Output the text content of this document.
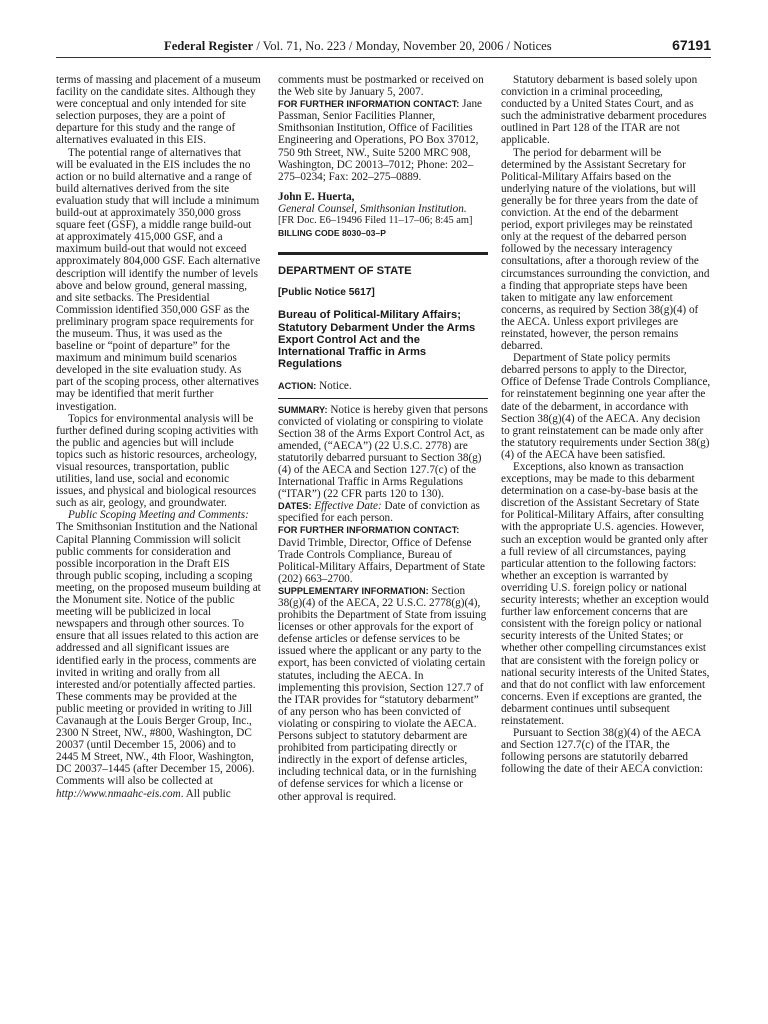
Federal Register / Vol. 71, No. 223 / Monday, November 20, 2006 / Notices	67191

terms of massing and placement of a museum facility on the candidate sites. Although they were conceptual and only intended for site selection purposes, they are a point of departure for this study and the range of alternatives evaluated in this EIS.

The potential range of alternatives that will be evaluated in the EIS includes the no action or no build alternative and a range of build alternatives derived from the site evaluation study that will include a minimum build-out at approximately 350,000 gross square feet (GSF), a middle range build-out at approximately 415,000 GSF, and a maximum build-out that would not exceed approximately 804,000 GSF. Each alternative description will identify the number of levels above and below ground, general massing, and site setbacks. The Presidential Commission identified 350,000 GSF as the preliminary program space requirements for the museum. Thus, it was used as the baseline or “point of departure” for the maximum and minimum build scenarios developed in the site evaluation study. As part of the scoping process, other alternatives may be identified that merit further investigation.

Topics for environmental analysis will be further defined during scoping activities with the public and agencies but will include topics such as historic resources, archeology, visual resources, transportation, public utilities, land use, social and economic issues, and physical and biological resources such as air, geology, and groundwater.

Public Scoping Meeting and Comments: The Smithsonian Institution and the National Capital Planning Commission will solicit public comments for consideration and possible incorporation in the Draft EIS through public scoping, including a scoping meeting, on the proposed museum building at the Monument site. Notice of the public meeting will be publicized in local newspapers and through other sources. To ensure that all issues related to this action are addressed and all significant issues are identified early in the process, comments are invited in writing and orally from all interested and/or potentially affected parties. These comments may be provided at the public meeting or provided in writing to Jill Cavanaugh at the Louis Berger Group, Inc., 2300 N Street, NW., #800, Washington, DC 20037 (until December 15, 2006) and to 2445 M Street, NW., 4th Floor, Washington, DC 20037–1445 (after December 15, 2006). Comments will also be collected at http://www.nmaahc-eis.com. All public

comments must be postmarked or received on the Web site by January 5, 2007.

FOR FURTHER INFORMATION CONTACT: Jane Passman, Senior Facilities Planner, Smithsonian Institution, Office of Facilities Engineering and Operations, PO Box 37012, 750 9th Street, NW., Suite 5200 MRC 908, Washington, DC 20013–7012; Phone: 202–275–0234; Fax: 202–275–0889.

John E. Huerta,

General Counsel, Smithsonian Institution.

[FR Doc. E6–19496 Filed 11–17–06; 8:45 am]

BILLING CODE 8030–03–P

DEPARTMENT OF STATE

[Public Notice 5617]

Bureau of Political-Military Affairs; Statutory Debarment Under the Arms Export Control Act and the International Traffic in Arms Regulations

ACTION: Notice.

SUMMARY: Notice is hereby given that persons convicted of violating or conspiring to violate Section 38 of the Arms Export Control Act, as amended, (“AECA”) (22 U.S.C. 2778) are statutorily debarred pursuant to Section 38(g)(4) of the AECA and Section 127.7(c) of the International Traffic in Arms Regulations (“ITAR”) (22 CFR parts 120 to 130).

DATES: Effective Date: Date of conviction as specified for each person.

FOR FURTHER INFORMATION CONTACT: David Trimble, Director, Office of Defense Trade Controls Compliance, Bureau of Political-Military Affairs, Department of State (202) 663–2700.

SUPPLEMENTARY INFORMATION: Section 38(g)(4) of the AECA, 22 U.S.C. 2778(g)(4), prohibits the Department of State from issuing licenses or other approvals for the export of defense articles or defense services to be issued where the applicant or any party to the export, has been convicted of violating certain statutes, including the AECA. In implementing this provision, Section 127.7 of the ITAR provides for “statutory debarment” of any person who has been convicted of violating or conspiring to violate the AECA. Persons subject to statutory debarment are prohibited from participating directly or indirectly in the export of defense articles, including technical data, or in the furnishing of defense services for which a license or other approval is required.

Statutory debarment is based solely upon conviction in a criminal proceeding, conducted by a United States Court, and as such the administrative debarment procedures outlined in Part 128 of the ITAR are not applicable.

The period for debarment will be determined by the Assistant Secretary for Political-Military Affairs based on the underlying nature of the violations, but will generally be for three years from the date of conviction. At the end of the debarment period, export privileges may be reinstated only at the request of the debarred person followed by the necessary interagency consultations, after a thorough review of the circumstances surrounding the conviction, and a finding that appropriate steps have been taken to mitigate any law enforcement concerns, as required by Section 38(g)(4) of the AECA. Unless export privileges are reinstated, however, the person remains debarred.

Department of State policy permits debarred persons to apply to the Director, Office of Defense Trade Controls Compliance, for reinstatement beginning one year after the date of the debarment, in accordance with Section 38(g)(4) of the AECA. Any decision to grant reinstatement can be made only after the statutory requirements under Section 38(g)(4) of the AECA have been satisfied.

Exceptions, also known as transaction exceptions, may be made to this debarment determination on a case-by-base basis at the discretion of the Assistant Secretary of State for Political-Military Affairs, after consulting with the appropriate U.S. agencies. However, such an exception would be granted only after a full review of all circumstances, paying particular attention to the following factors: whether an exception is warranted by overriding U.S. foreign policy or national security interests; whether an exception would further law enforcement concerns that are consistent with the foreign policy or national security interests of the United States; or whether other compelling circumstances exist that are consistent with the foreign policy or national security interests of the United States, and that do not conflict with law enforcement concerns. Even if exceptions are granted, the debarment continues until subsequent reinstatement.

Pursuant to Section 38(g)(4) of the AECA and Section 127.7(c) of the ITAR, the following persons are statutorily debarred following the date of their AECA conviction:
